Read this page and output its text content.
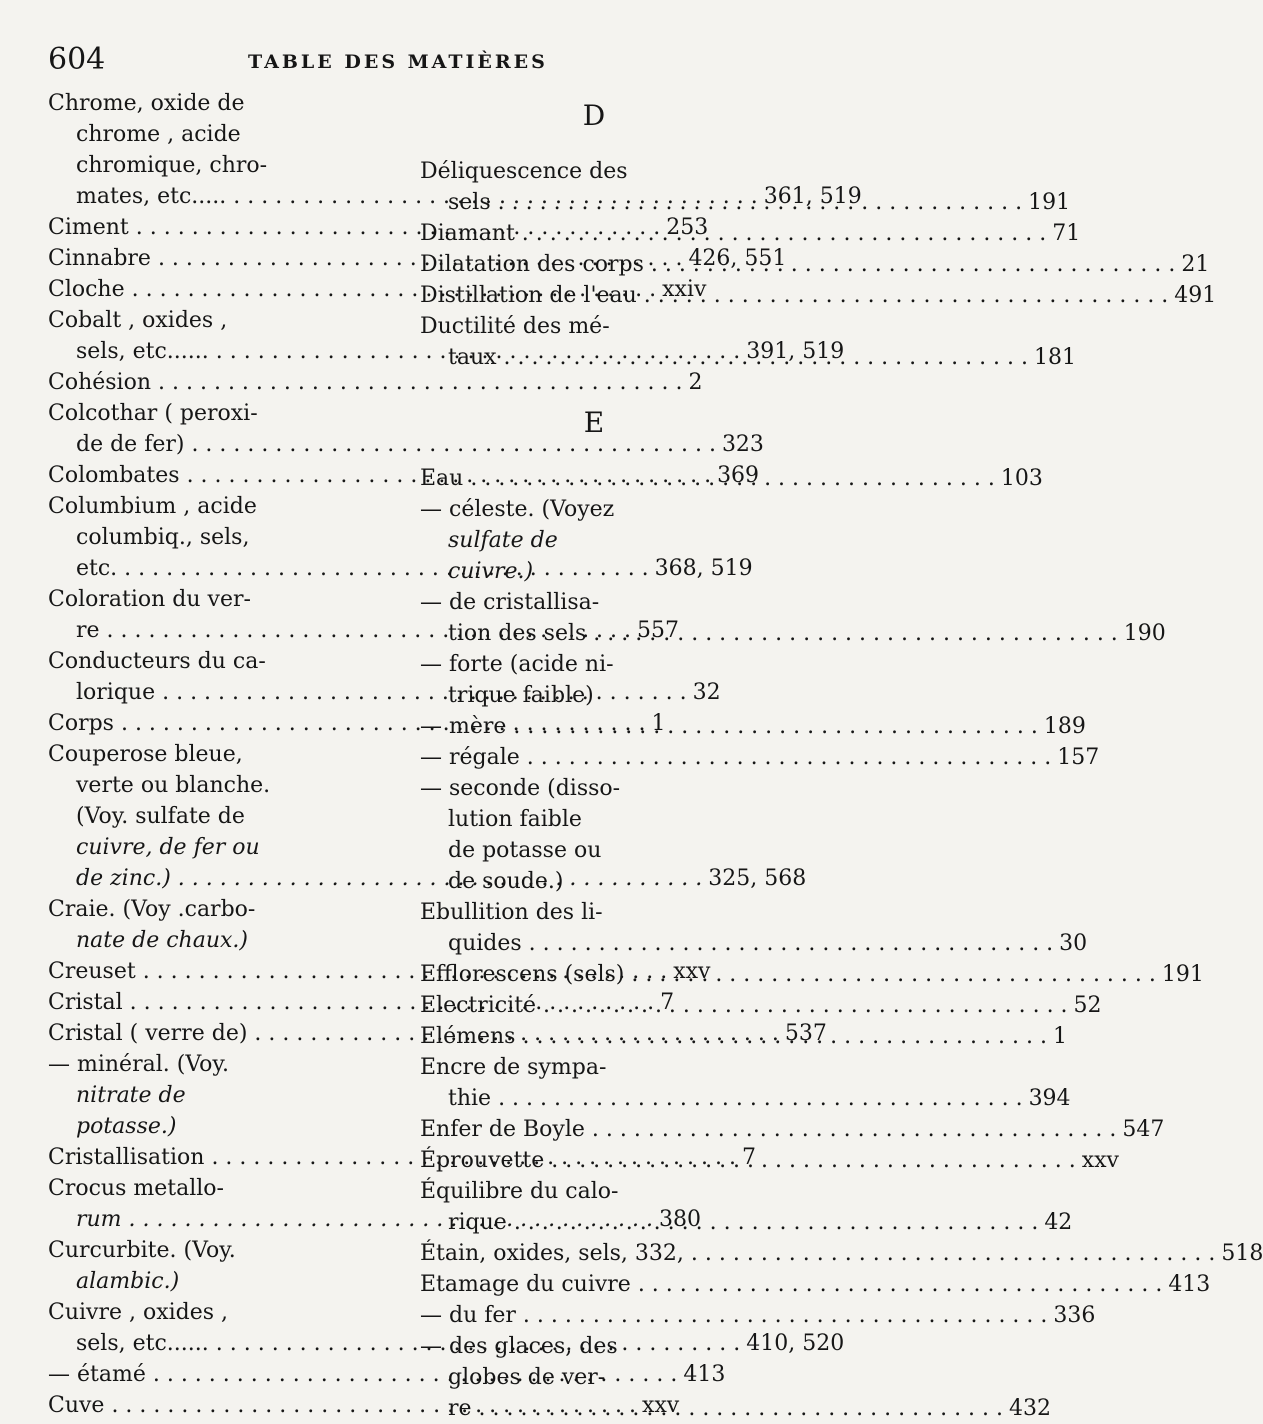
604	TABLE DES MATIÈRES
Chrome, oxide de
chrome , acide
chromique, chro-
mates, etc..... . . .	361, 519
Ciment . . .	253
Cinnabre . . .	426, 551
Cloche . . .	xxiv
Cobalt , oxides ,
sels, etc...... . . .	391, 519
Cohésion . . .	2
Colcothar ( peroxi-
de de fer) . . .	323
Colombates . . .	369
Columbium , acide
columbiq., sels,
etc. . . .	368, 519
Coloration du ver-
re . . .	557
Conducteurs du ca-
lorique . . .	32
Corps . . .	1
Couperose bleue,
verte ou blanche.
(Voy. sulfate de
cuivre, de fer ou
de zinc.) . . .	325, 568
Craie. (Voy .carbo-
nate de chaux.)
Creuset . . .	xxv
Cristal . . .	7
Cristal ( verre de) . . .	537
— minéral. (Voy.
nitrate de
potasse.)
Cristallisation . . .	7
Crocus metallo-
rum . . .	380
Curcurbite. (Voy.
alambic.)
Cuivre , oxides ,
sels, etc...... . . .	410, 520
— étamé . . .	413
Cuve . . .	xxv
D
Déliquescence des
sels . . .	191
Diamant . . .	71
Dilatation des corps . . .	21
Distillation de l'eau . . .	491
Ductilité des mé-
taux . . .	181
E
Eau . . .	103
— céleste. (Voyez
sulfate de
cuivre.)
— de cristallisa-
tion des sels . . .	190
— forte (acide ni-
trique faible)
— mère . . .	189
— régale . . .	157
— seconde (disso-
lution faible
de potasse ou
de soude.)
Ebullition des li-
quides . . .	30
Efflorescens (sels) . . .	191
Electricité . . .	52
Elémens . . .	1
Encre de sympa-
thie . . .	394
Enfer de Boyle . . .	547
Éprouvette . . .	xxv
Équilibre du calo-
rique . . .	42
Étain, oxides, sels, 332, . . .	518
Etamage du cuivre . . .	413
— du fer . . .	336
— des glaces, des
globes de ver-
re . . .	432
